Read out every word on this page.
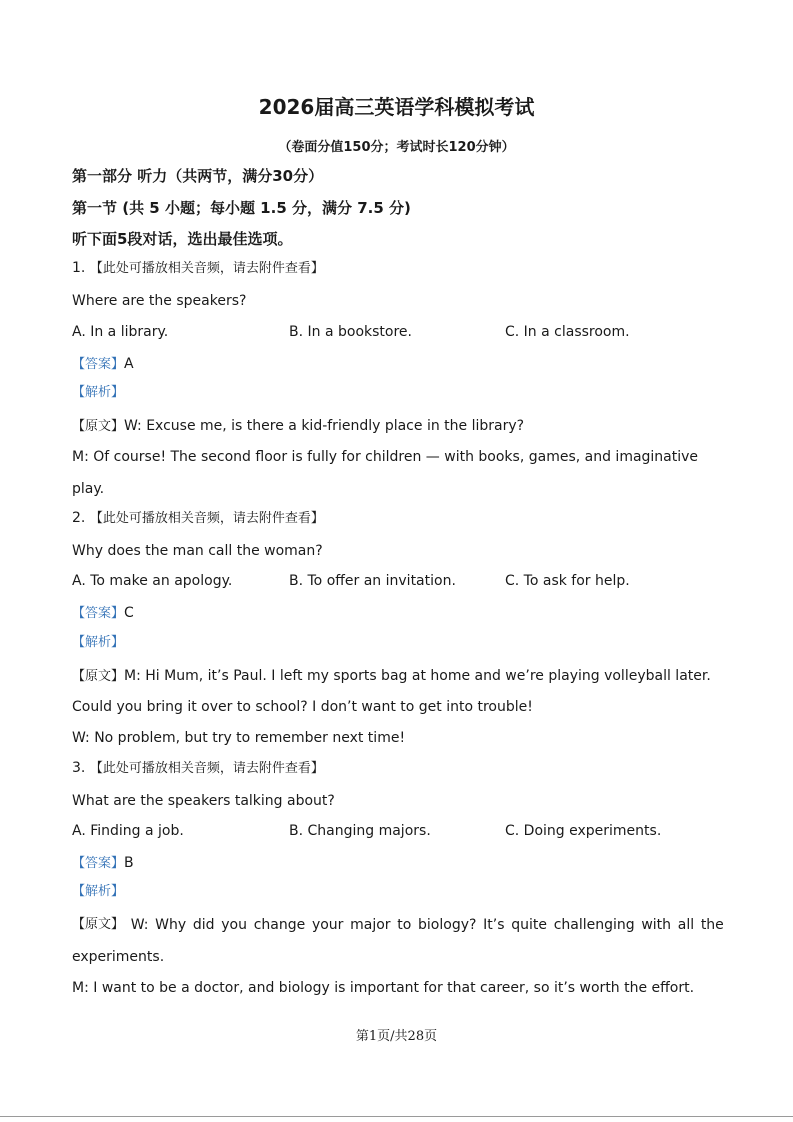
2026届高三英语学科模拟考试
（卷面分值150分；考试时长120分钟）
第一部分 听力（共两节，满分30分）
第一节 (共 5 小题；每小题 1.5 分，满分 7.5 分)
听下面5段对话，选出最佳选项。
1. 【此处可播放相关音频，请去附件查看】
Where are the speakers?
A. In a library.	B. In a bookstore.	C. In a classroom.
【答案】A
【解析】
【原文】W: Excuse me, is there a kid-friendly place in the library?
M: Of course! The second floor is fully for children — with books, games, and imaginative
play.
2. 【此处可播放相关音频，请去附件查看】
Why does the man call the woman?
A. To make an apology.	B. To offer an invitation.	C. To ask for help.
【答案】C
【解析】
【原文】M: Hi Mum, it’s Paul. I left my sports bag at home and we’re playing volleyball later.
Could you bring it over to school? I don’t want to get into trouble!
W: No problem, but try to remember next time!
3. 【此处可播放相关音频，请去附件查看】
What are the speakers talking about?
A. Finding a job.	B. Changing majors.	C. Doing experiments.
【答案】B
【解析】
【原文】 W: Why did you change your major to biology? It’s quite challenging with all the
experiments.
M: I want to be a doctor, and biology is important for that career, so it’s worth the effort.
第1页/共28页
